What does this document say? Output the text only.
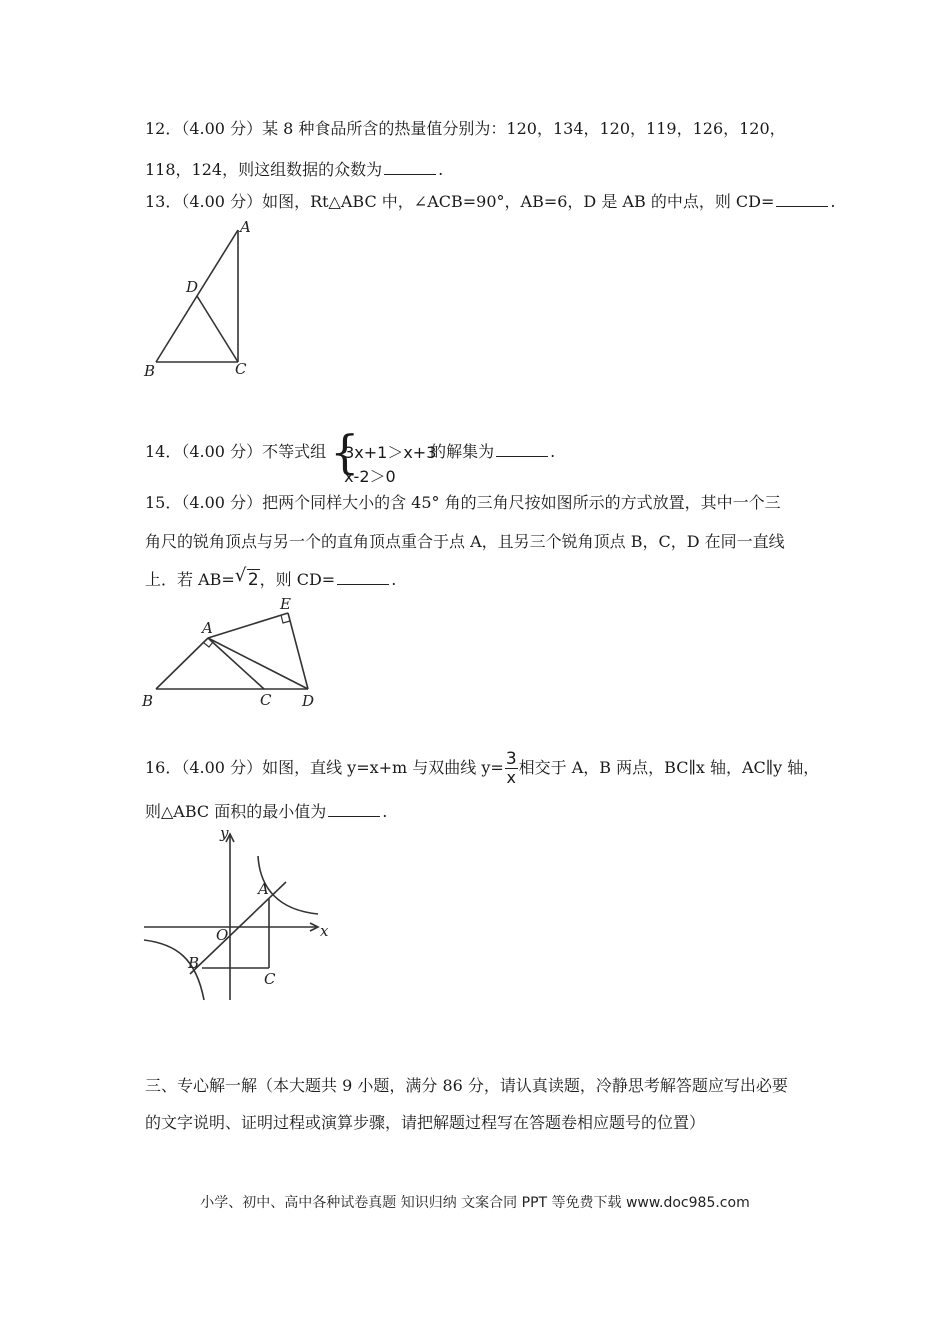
12．（4.00 分）某 8 种食品所含的热量值分别为：120，134，120，119，126，120，
118，124，则这组数据的众数为	.
13．（4.00 分）如图，Rt△ABC 中，∠ACB=90°，AB=6，D 是 AB 的中点，则 CD=	.
A
D
B	C
14．（4.00 分）不等式组 {
3x+1＞x+3
x-2＞0
的解集为	.
15．（4.00 分）把两个同样大小的含 45° 角的三角尺按如图所示的方式放置，其中一个三
角尺的锐角顶点与另一个的直角顶点重合于点 A，且另三个锐角顶点 B，C，D 在同一直线
上．若 AB= √ 2，则 CD=	.
A
E
B	C D
16．（4.00 分）如图，直线 y=x+m 与双曲线 $y= \frac{3}{x}$ 相交于 A，B 两点，BC∥x 轴，AC∥y 轴，
则△ABC 面积的最小值为	.
y
x
O
A
B
C
三、专心解一解（本大题共 9 小题，满分 86 分，请认真读题，冷静思考解答题应写出必要
的文字说明、证明过程或演算步骤，请把解题过程写在答题卷相应题号的位置）
小学、初中、高中各种试卷真题 知识归纳 文案合同 PPT 等免费下载 www.doc985.com
